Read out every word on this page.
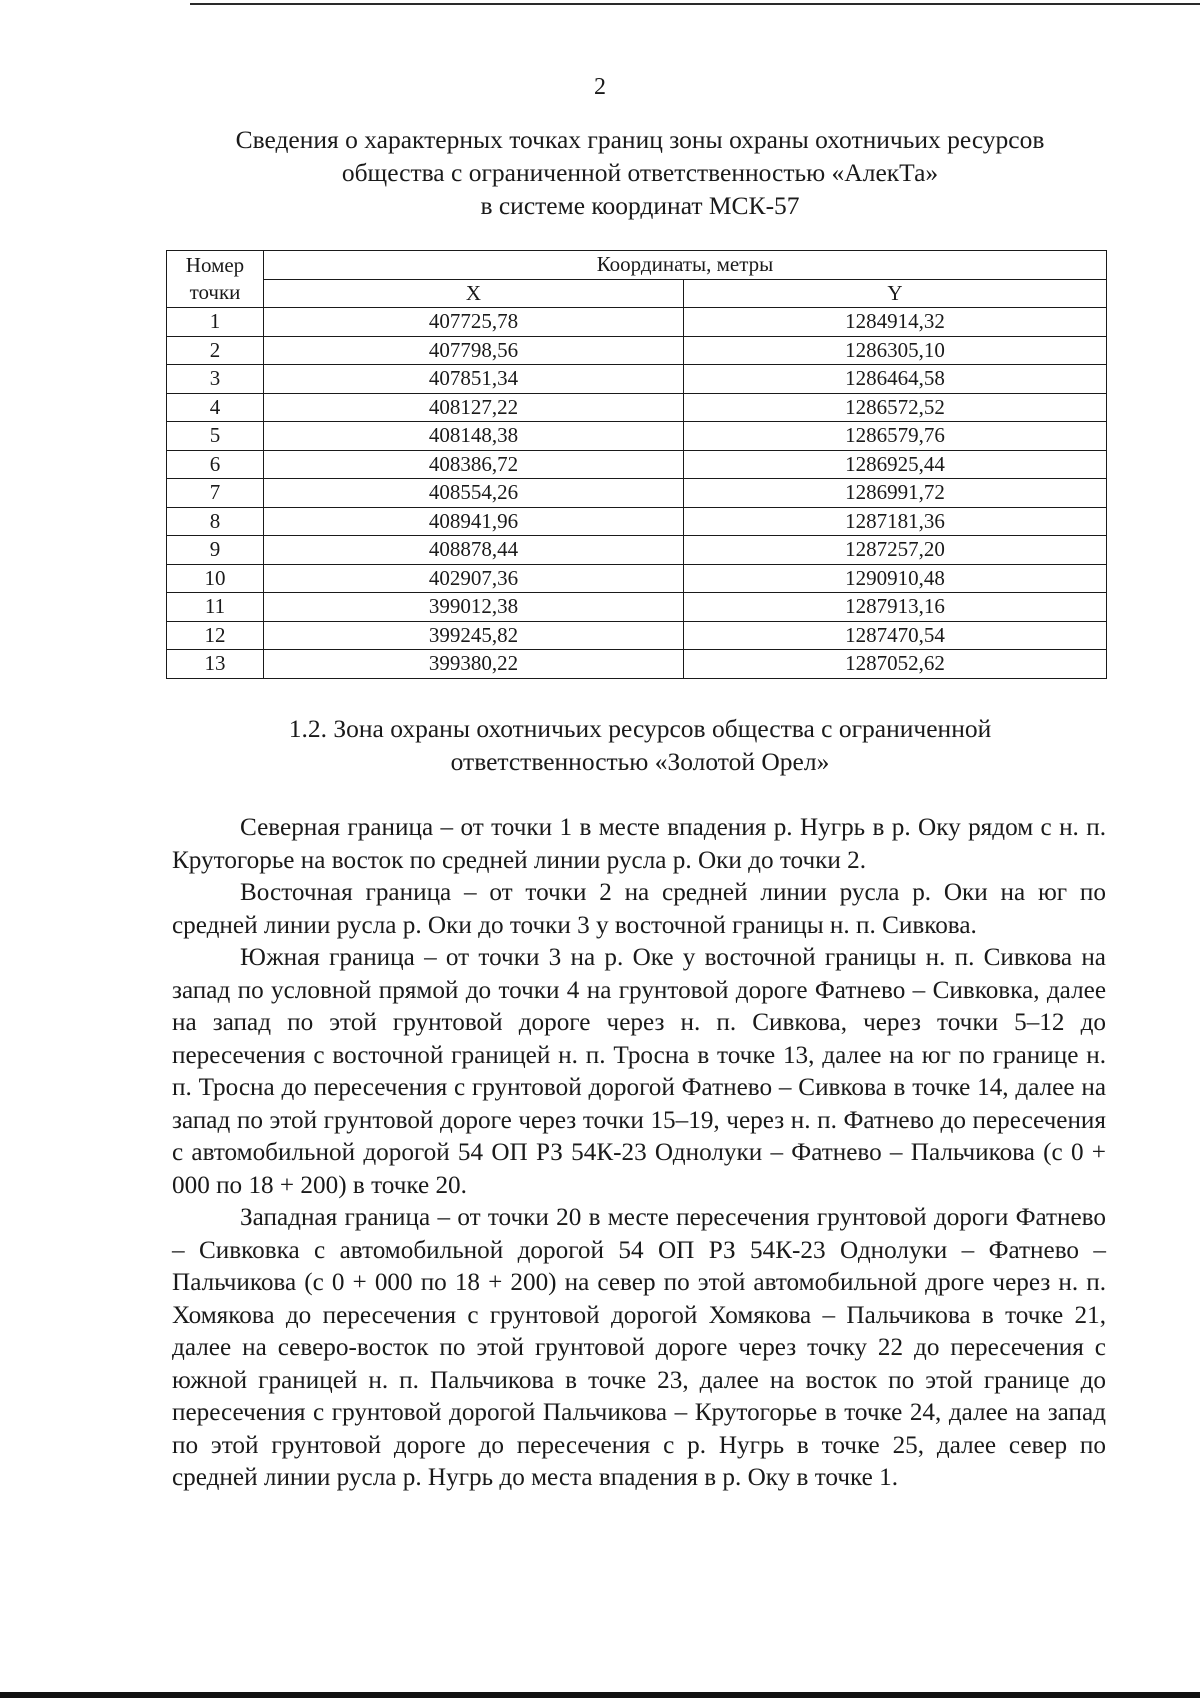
2
Сведения о характерных точках границ зоны охраны охотничьих ресурсов
общества с ограниченной ответственностью «АлекТа»
в системе координат МСК-57
Номер
точки	Координаты, метры	
	X	Y
1	407725,78	1284914,32
2	407798,56	1286305,10
3	407851,34	1286464,58
4	408127,22	1286572,52
5	408148,38	1286579,76
6	408386,72	1286925,44
7	408554,26	1286991,72
8	408941,96	1287181,36
9	408878,44	1287257,20
10	402907,36	1290910,48
11	399012,38	1287913,16
12	399245,82	1287470,54
13	399380,22	1287052,62
1.2. Зона охраны охотничьих ресурсов общества с ограниченной
ответственностью «Золотой Орел»

Северная граница – от точки 1 в месте впадения р. Нугрь в р. Оку рядом с н. п. Крутогорье на восток по средней линии русла р. Оки до точки 2.

Восточная граница – от точки 2 на средней линии русла р. Оки на юг по средней линии русла р. Оки до точки 3 у восточной границы н. п. Сивкова.

Южная граница – от точки 3 на р. Оке у восточной границы н. п. Сивкова на запад по условной прямой до точки 4 на грунтовой дороге Фатнево – Сивковка, далее на запад по этой грунтовой дороге через н. п. Сивкова, через точки 5–12 до пересечения с восточной границей н. п. Тросна в точке 13, далее на юг по границе н. п. Тросна до пересечения с грунтовой дорогой Фатнево – Сивкова в точке 14, далее на запад по этой грунтовой дороге через точки 15–19, через н. п. Фатнево до пересечения с автомобильной дорогой 54 ОП РЗ 54К-23 Однолуки – Фатнево – Пальчикова (с 0 + 000 по 18 + 200) в точке 20.

Западная граница – от точки 20 в месте пересечения грунтовой дороги Фатнево – Сивковка с автомобильной дорогой 54 ОП РЗ 54К-23 Однолуки – Фатнево – Пальчикова (с 0 + 000 по 18 + 200) на север по этой автомобильной дроге через н. п. Хомякова до пересечения с грунтовой дорогой Хомякова – Пальчикова в точке 21, далее на северо-восток по этой грунтовой дороге через точку 22 до пересечения с южной границей н. п. Пальчикова в точке 23, далее на восток по этой границе до пересечения с грунтовой дорогой Пальчикова – Крутогорье в точке 24, далее на запад по этой грунтовой дороге до пересечения с р. Нугрь в точке 25, далее север по средней линии русла р. Нугрь до места впадения в р. Оку в точке 1.
